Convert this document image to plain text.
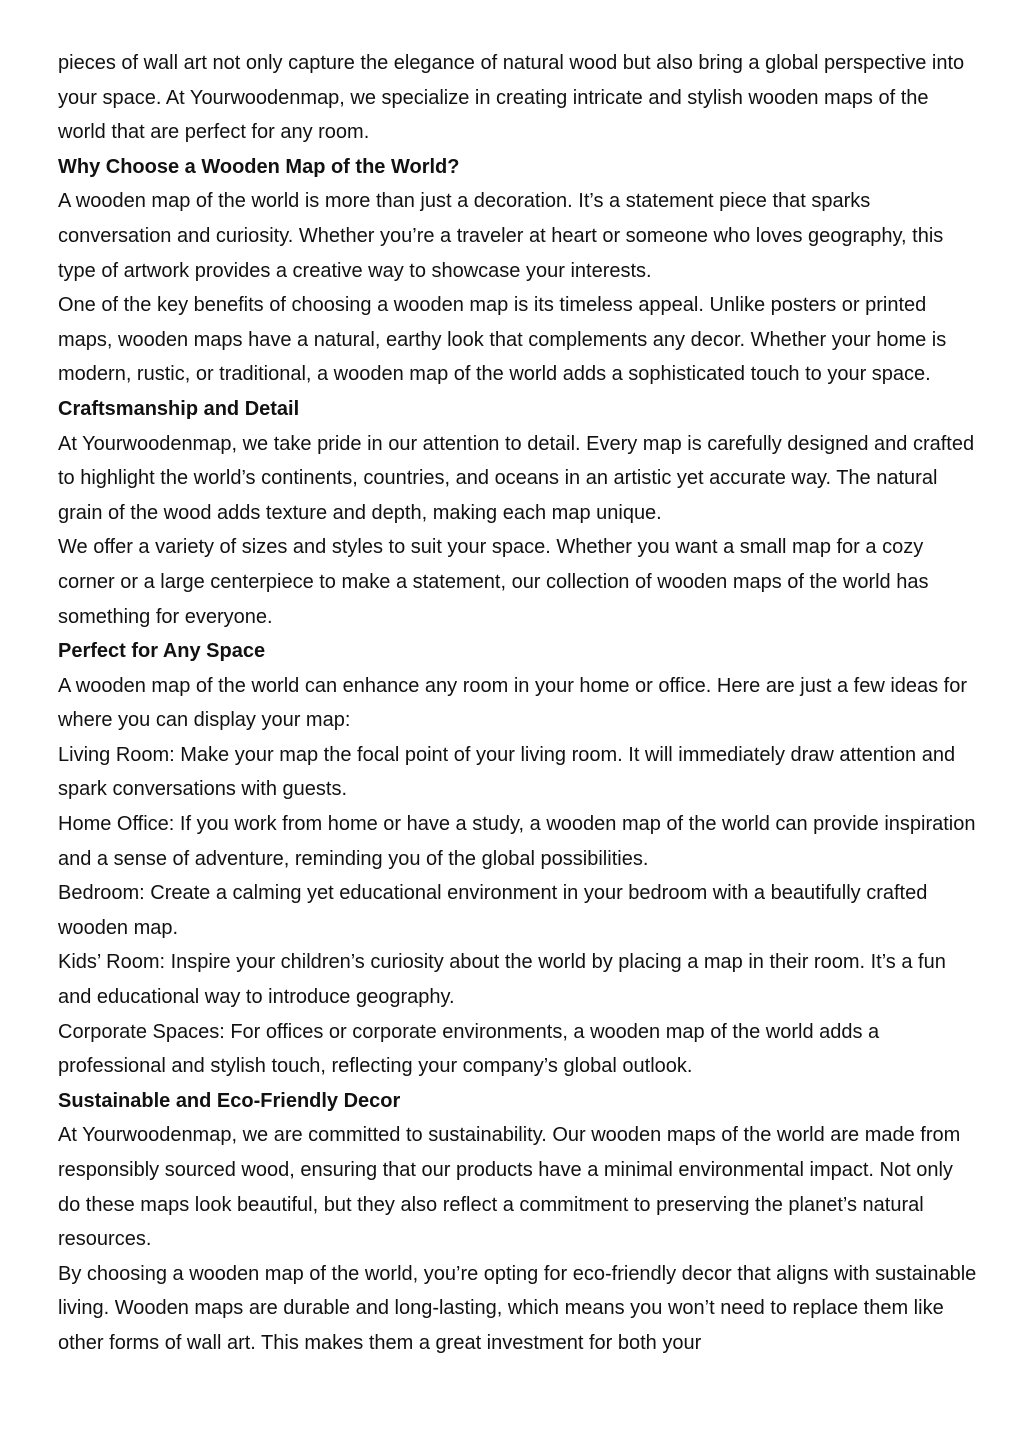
pieces of wall art not only capture the elegance of natural wood but also bring a global perspective into your space. At Yourwoodenmap, we specialize in creating intricate and stylish wooden maps of the world that are perfect for any room.

Why Choose a Wooden Map of the World?

A wooden map of the world is more than just a decoration. It’s a statement piece that sparks conversation and curiosity. Whether you’re a traveler at heart or someone who loves geography, this type of artwork provides a creative way to showcase your interests.

One of the key benefits of choosing a wooden map is its timeless appeal. Unlike posters or printed maps, wooden maps have a natural, earthy look that complements any decor. Whether your home is modern, rustic, or traditional, a wooden map of the world adds a sophisticated touch to your space.

Craftsmanship and Detail

At Yourwoodenmap, we take pride in our attention to detail. Every map is carefully designed and crafted to highlight the world’s continents, countries, and oceans in an artistic yet accurate way. The natural grain of the wood adds texture and depth, making each map unique.

We offer a variety of sizes and styles to suit your space. Whether you want a small map for a cozy corner or a large centerpiece to make a statement, our collection of wooden maps of the world has something for everyone.

Perfect for Any Space

A wooden map of the world can enhance any room in your home or office. Here are just a few ideas for where you can display your map:

Living Room: Make your map the focal point of your living room. It will immediately draw attention and spark conversations with guests.

Home Office: If you work from home or have a study, a wooden map of the world can provide inspiration and a sense of adventure, reminding you of the global possibilities.

Bedroom: Create a calming yet educational environment in your bedroom with a beautifully crafted wooden map.

Kids’ Room: Inspire your children’s curiosity about the world by placing a map in their room. It’s a fun and educational way to introduce geography.

Corporate Spaces: For offices or corporate environments, a wooden map of the world adds a professional and stylish touch, reflecting your company’s global outlook.

Sustainable and Eco-Friendly Decor

At Yourwoodenmap, we are committed to sustainability. Our wooden maps of the world are made from responsibly sourced wood, ensuring that our products have a minimal environmental impact. Not only do these maps look beautiful, but they also reflect a commitment to preserving the planet’s natural resources.

By choosing a wooden map of the world, you’re opting for eco-friendly decor that aligns with sustainable living. Wooden maps are durable and long-lasting, which means you won’t need to replace them like other forms of wall art. This makes them a great investment for both your
